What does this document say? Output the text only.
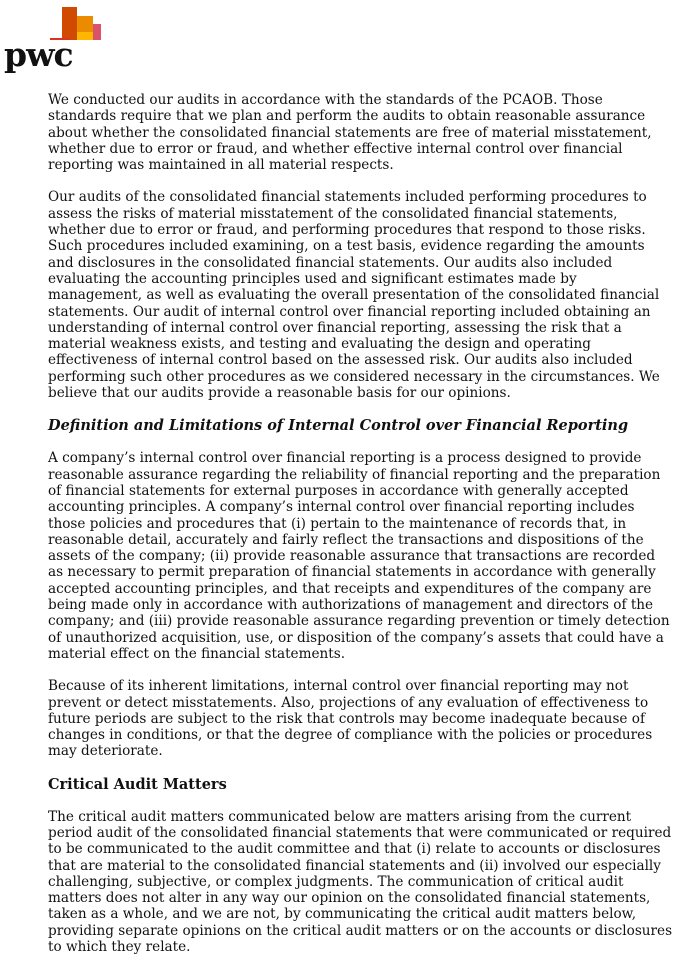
pwc

We conducted our audits in accordance with the standards of the PCAOB. Those standards require that we plan and perform the audits to obtain reasonable assurance about whether the consolidated financial statements are free of material misstatement, whether due to error or fraud, and whether effective internal control over financial reporting was maintained in all material respects.

Our audits of the consolidated financial statements included performing procedures to assess the risks of material misstatement of the consolidated financial statements, whether due to error or fraud, and performing procedures that respond to those risks. Such procedures included examining, on a test basis, evidence regarding the amounts and disclosures in the consolidated financial statements. Our audits also included evaluating the accounting principles used and significant estimates made by management, as well as evaluating the overall presentation of the consolidated financial statements. Our audit of internal control over financial reporting included obtaining an understanding of internal control over financial reporting, assessing the risk that a material weakness exists, and testing and evaluating the design and operating effectiveness of internal control based on the assessed risk. Our audits also included performing such other procedures as we considered necessary in the circumstances. We believe that our audits provide a reasonable basis for our opinions.

Definition and Limitations of Internal Control over Financial Reporting

A company’s internal control over financial reporting is a process designed to provide reasonable assurance regarding the reliability of financial reporting and the preparation of financial statements for external purposes in accordance with generally accepted accounting principles. A company’s internal control over financial reporting includes those policies and procedures that (i) pertain to the maintenance of records that, in reasonable detail, accurately and fairly reflect the transactions and dispositions of the assets of the company; (ii) provide reasonable assurance that transactions are recorded as necessary to permit preparation of financial statements in accordance with generally accepted accounting principles, and that receipts and expenditures of the company are being made only in accordance with authorizations of management and directors of the company; and (iii) provide reasonable assurance regarding prevention or timely detection of unauthorized acquisition, use, or disposition of the company’s assets that could have a material effect on the financial statements.

Because of its inherent limitations, internal control over financial reporting may not prevent or detect misstatements. Also, projections of any evaluation of effectiveness to future periods are subject to the risk that controls may become inadequate because of changes in conditions, or that the degree of compliance with the policies or procedures may deteriorate.

Critical Audit Matters

The critical audit matters communicated below are matters arising from the current period audit of the consolidated financial statements that were communicated or required to be communicated to the audit committee and that (i) relate to accounts or disclosures that are material to the consolidated financial statements and (ii) involved our especially challenging, subjective, or complex judgments. The communication of critical audit matters does not alter in any way our opinion on the consolidated financial statements, taken as a whole, and we are not, by communicating the critical audit matters below, providing separate opinions on the critical audit matters or on the accounts or disclosures to which they relate.
